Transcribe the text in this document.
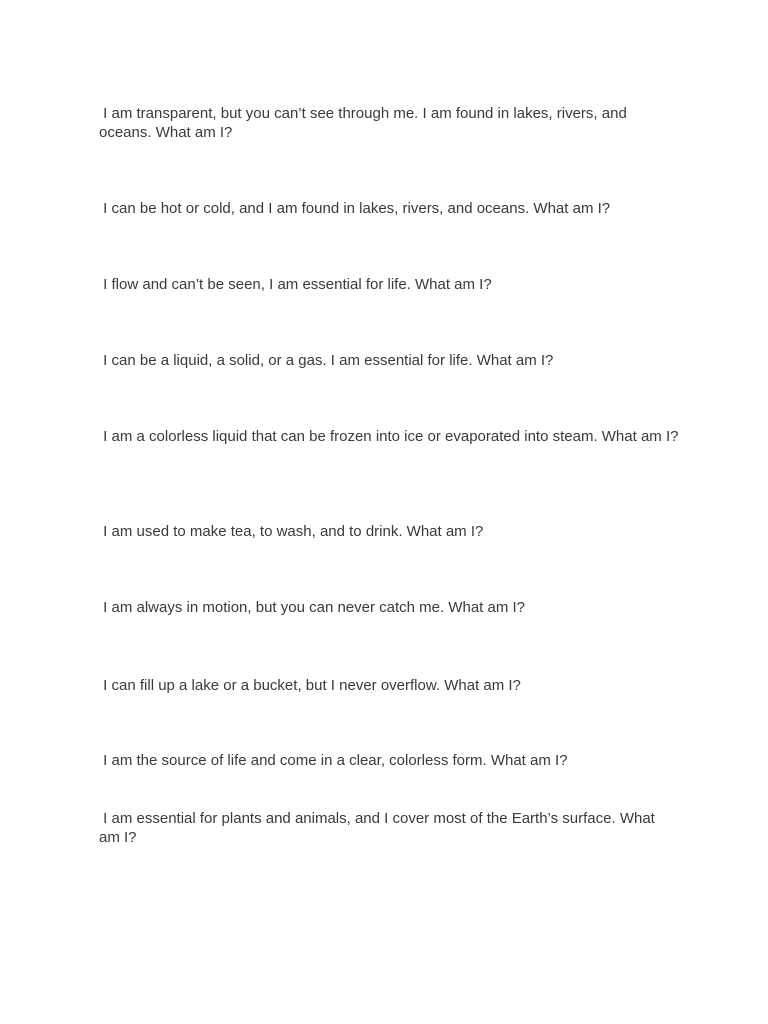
I am transparent, but you can’t see through me. I am found in lakes, rivers, and oceans. What am I?

I can be hot or cold, and I am found in lakes, rivers, and oceans. What am I?

I flow and can’t be seen, I am essential for life. What am I?

I can be a liquid, a solid, or a gas. I am essential for life. What am I?

I am a colorless liquid that can be frozen into ice or evaporated into steam. What am I?

I am used to make tea, to wash, and to drink. What am I?

I am always in motion, but you can never catch me. What am I?

I can fill up a lake or a bucket, but I never overflow. What am I?

I am the source of life and come in a clear, colorless form. What am I?

I am essential for plants and animals, and I cover most of the Earth’s surface. What am I?
